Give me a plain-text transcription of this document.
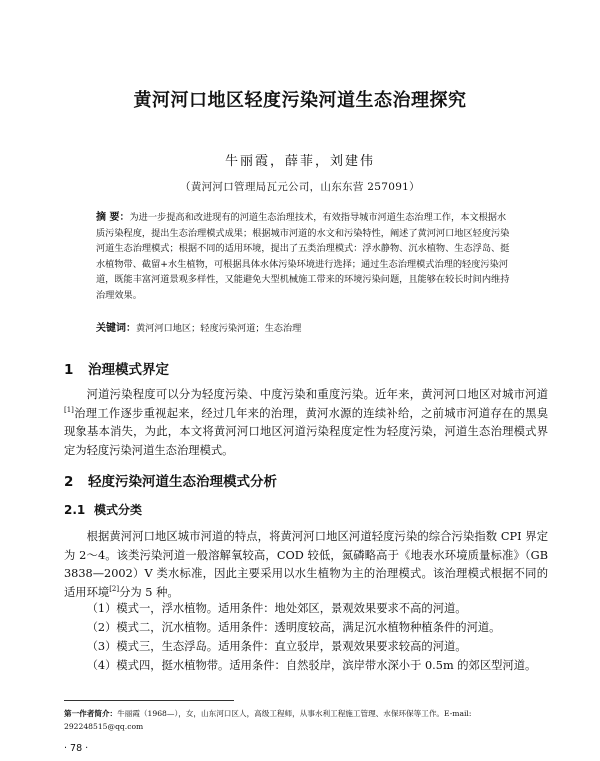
黄河河口地区轻度污染河道生态治理探究
牛丽霞，薛菲，刘建伟
（黄河河口管理局瓦元公司，山东东营 257091）
摘 要：为进一步提高和改进现有的河道生态治理技术，有效指导城市河道生态治理工作，本文根据水质污染程度，提出生态治理模式成果；根据城市河道的水文和污染特性，阐述了黄河河口地区轻度污染河道生态治理模式；根据不同的适用环境，提出了五类治理模式：浮水静物、沉水植物、生态浮岛、挺水植物带、截留+水生植物，可根据具体水体污染环境进行选择；通过生态治理模式治理的轻度污染河道，既能丰富河道景观多样性，又能避免大型机械施工带来的环境污染问题，且能够在较长时间内维持治理效果。
关键词：黄河河口地区；轻度污染河道；生态治理
1 治理模式界定
河道污染程度可以分为轻度污染、中度污染和重度污染。近年来，黄河河口地区对城市河道[1]治理工作逐步重视起来，经过几年来的治理，黄河水源的连续补给，之前城市河道存在的黑臭现象基本消失，为此，本文将黄河河口地区河道污染程度定性为轻度污染，河道生态治理模式界定为轻度污染河道生态治理模式。
2 轻度污染河道生态治理模式分析
2.1 模式分类
根据黄河河口地区城市河道的特点，将黄河河口地区河道轻度污染的综合污染指数 CPI 界定为 2～4。该类污染河道一般溶解氧较高，COD 较低，氮磷略高于《地表水环境质量标准》（GB 3838—2002）V 类水标准，因此主要采用以水生植物为主的治理模式。该治理模式根据不同的适用环境[2]分为 5 种。
（1）模式一，浮水植物。适用条件：地处郊区，景观效果要求不高的河道。
（2）模式二，沉水植物。适用条件：透明度较高，满足沉水植物种植条件的河道。
（3）模式三，生态浮岛。适用条件：直立驳岸，景观效果要求较高的河道。
（4）模式四，挺水植物带。适用条件：自然驳岸，滨岸带水深小于 0.5m 的郊区型河道。
第一作者简介：牛丽霞（1968—），女，山东河口区人，高级工程师，从事水利工程施工管理、水保环保等工作。E-mail: 292248515@qq.com
· 78 ·
